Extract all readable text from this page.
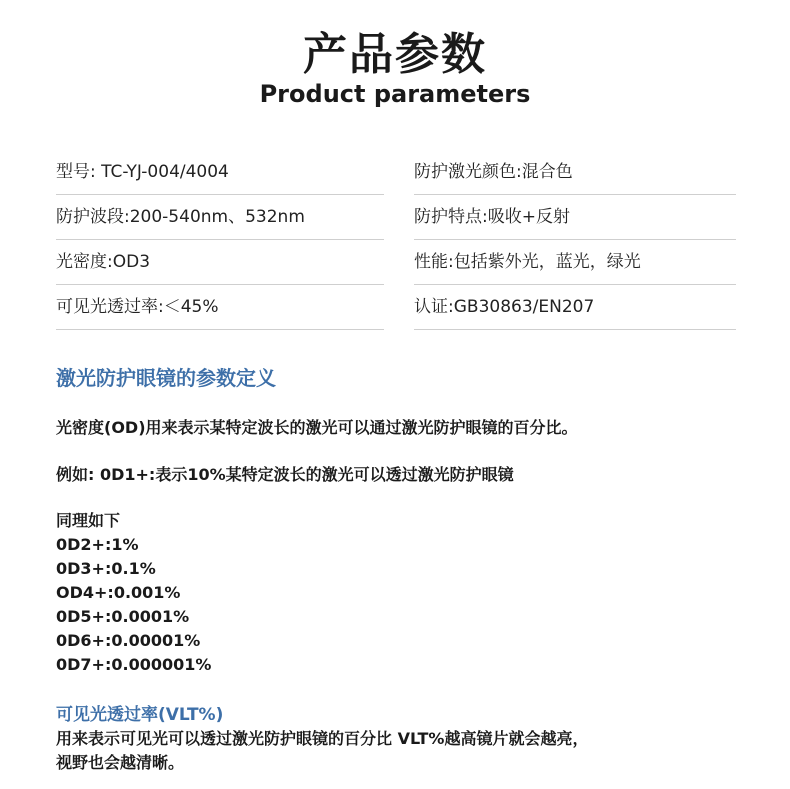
产品参数
Product parameters
型号: TC-YJ-004/4004	防护激光颜色:混合色
防护波段:200-540nm、532nm	防护特点:吸收+反射
光密度:OD3	性能:包括紫外光，蓝光，绿光
可见光透过率:＜45%	认证:GB30863/EN207
激光防护眼镜的参数定义
光密度(OD)用来表示某特定波长的激光可以通过激光防护眼镜的百分比。
例如: 0D1+:表示10%某特定波长的激光可以透过激光防护眼镜
同理如下
0D2+:1%
0D3+:0.1%
OD4+:0.001%
0D5+:0.0001%
0D6+:0.00001%
0D7+:0.000001%
可见光透过率(VLT%)
用来表示可见光可以透过激光防护眼镜的百分比 VLT%越高镜片就会越亮，
视野也会越清晰。
